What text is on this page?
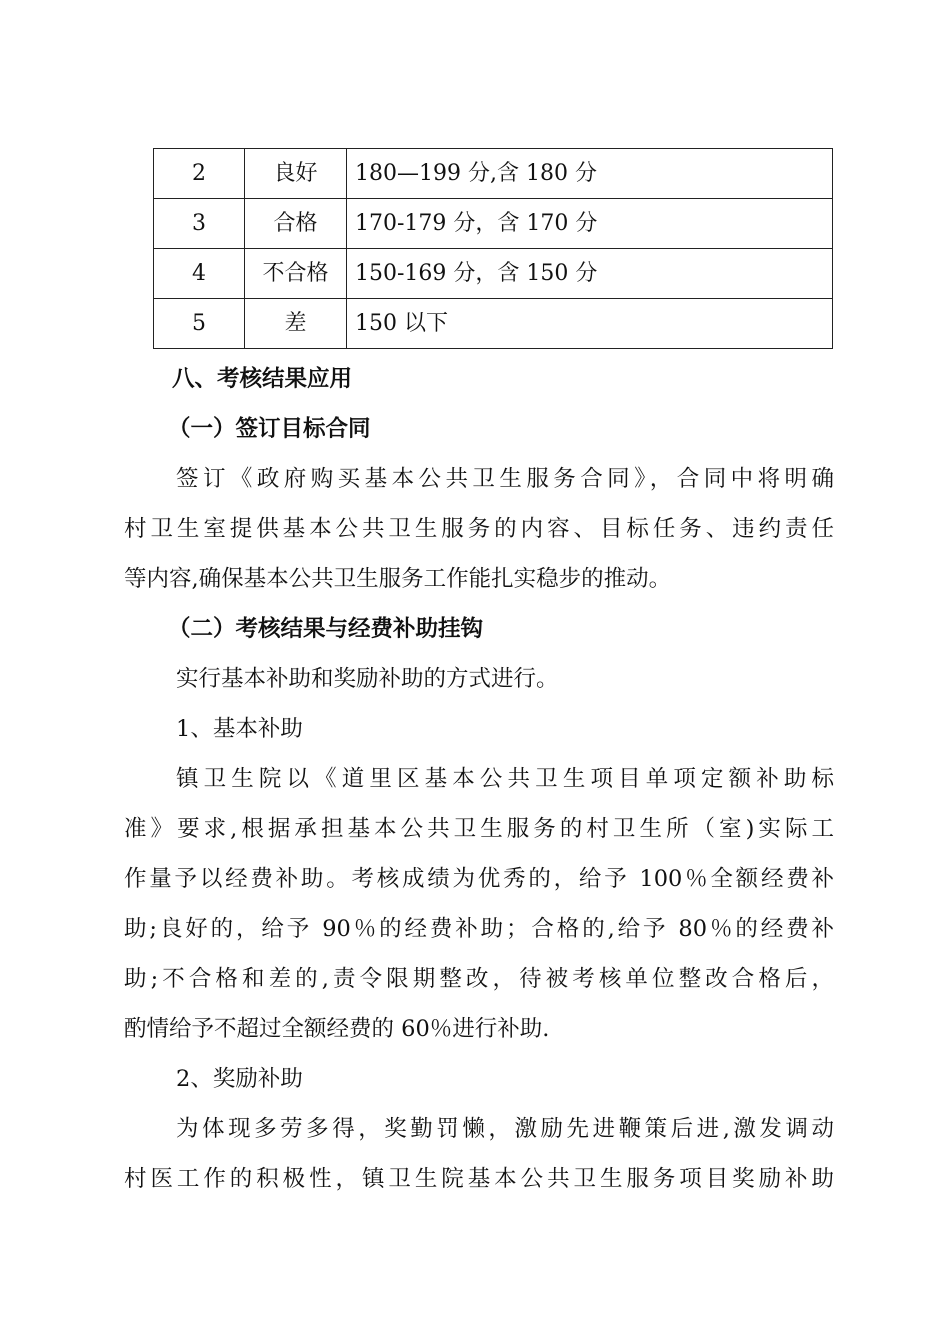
2	良好	180—199 分,含 180 分
3	合格	170-179 分，含 170 分
4	不合格	150-169 分，含 150 分
5	差	150 以下
八、考核结果应用
（一）签订目标合同
签订《政府购买基本公共卫生服务合同》，合同中将明确
村卫生室提供基本公共卫生服务的内容、目标任务、违约责任
等内容,确保基本公共卫生服务工作能扎实稳步的推动。
（二）考核结果与经费补助挂钩
实行基本补助和奖励补助的方式进行。
1、基本补助
镇卫生院以《道里区基本公共卫生项目单项定额补助标
准》要求,根据承担基本公共卫生服务的村卫生所（室)实际工
作量予以经费补助。考核成绩为优秀的，给予 100％全额经费补
助;良好的，给予 90％的经费补助；合格的,给予 80％的经费补
助;不合格和差的,责令限期整改，待被考核单位整改合格后，
酌情给予不超过全额经费的 60％进行补助.
2、奖励补助
为体现多劳多得，奖勤罚懒，激励先进鞭策后进,激发调动
村医工作的积极性，镇卫生院基本公共卫生服务项目奖励补助
